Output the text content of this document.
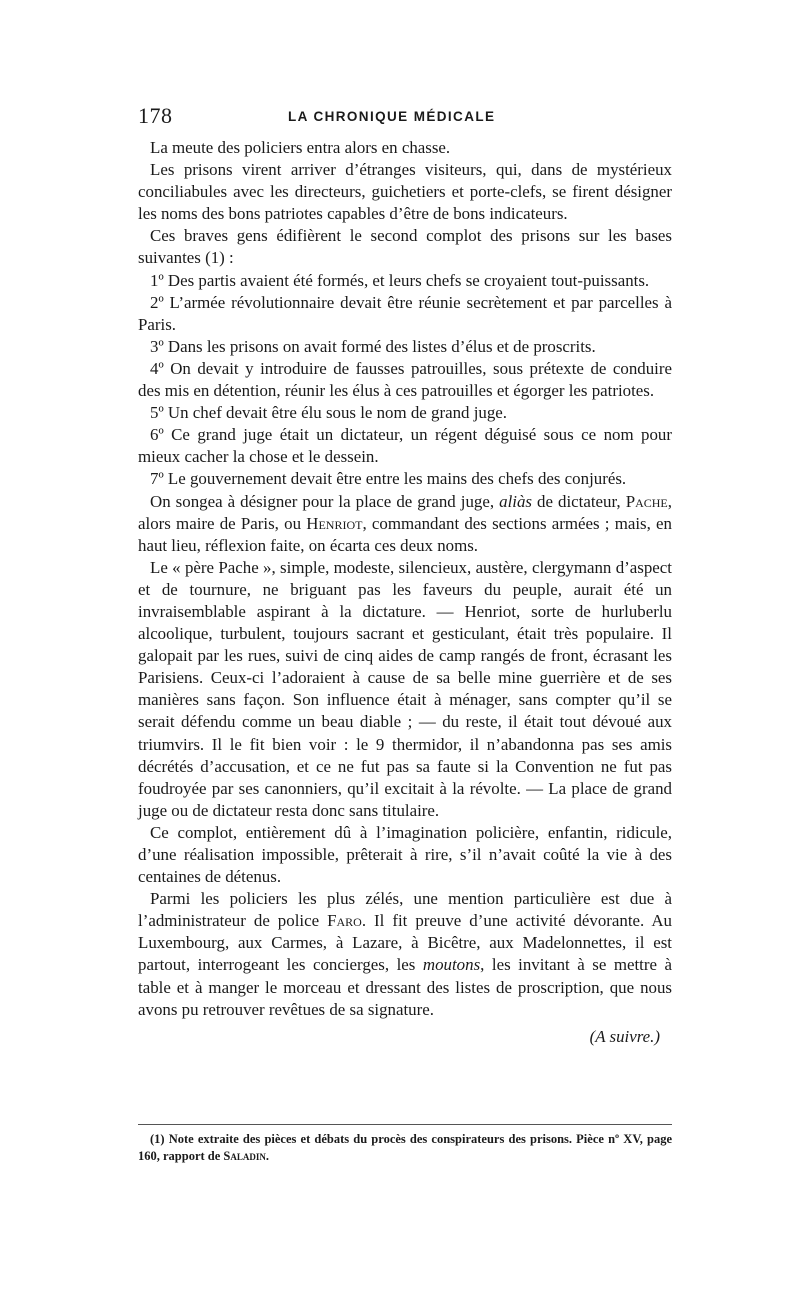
178	LA CHRONIQUE MÉDICALE

La meute des policiers entra alors en chasse.

Les prisons virent arriver d’étranges visiteurs, qui, dans de mystérieux conciliabules avec les directeurs, guichetiers et porte-clefs, se firent désigner les noms des bons patriotes capables d’être de bons indicateurs.

Ces braves gens édifièrent le second complot des prisons sur les bases suivantes (1) :

1º Des partis avaient été formés, et leurs chefs se croyaient tout-puissants.

2º L’armée révolutionnaire devait être réunie secrètement et par parcelles à Paris.

3º Dans les prisons on avait formé des listes d’élus et de proscrits.

4º On devait y introduire de fausses patrouilles, sous prétexte de conduire des mis en détention, réunir les élus à ces patrouilles et égorger les patriotes.

5º Un chef devait être élu sous le nom de grand juge.

6º Ce grand juge était un dictateur, un régent déguisé sous ce nom pour mieux cacher la chose et le dessein.

7º Le gouvernement devait être entre les mains des chefs des conjurés.

On songea à désigner pour la place de grand juge, aliàs de dictateur, Pache, alors maire de Paris, ou Henriot, commandant des sections armées ; mais, en haut lieu, réflexion faite, on écarta ces deux noms.

Le « père Pache », simple, modeste, silencieux, austère, clergymann d’aspect et de tournure, ne briguant pas les faveurs du peuple, aurait été un invraisemblable aspirant à la dictature. — Henriot, sorte de hurluberlu alcoolique, turbulent, toujours sacrant et gesticulant, était très populaire. Il galopait par les rues, suivi de cinq aides de camp rangés de front, écrasant les Parisiens. Ceux-ci l’adoraient à cause de sa belle mine guerrière et de ses manières sans façon. Son influence était à ménager, sans compter qu’il se serait défendu comme un beau diable ; — du reste, il était tout dévoué aux triumvirs. Il le fit bien voir : le 9 thermidor, il n’abandonna pas ses amis décrétés d’accusation, et ce ne fut pas sa faute si la Convention ne fut pas foudroyée par ses canonniers, qu’il excitait à la révolte. — La place de grand juge ou de dictateur resta donc sans titulaire.

Ce complot, entièrement dû à l’imagination policière, enfantin, ridicule, d’une réalisation impossible, prêterait à rire, s’il n’avait coûté la vie à des centaines de détenus.

Parmi les policiers les plus zélés, une mention particulière est due à l’administrateur de police Faro. Il fit preuve d’une activité dévorante. Au Luxembourg, aux Carmes, à Lazare, à Bicêtre, aux Madelonnettes, il est partout, interrogeant les concierges, les moutons, les invitant à se mettre à table et à manger le morceau et dressant des listes de proscription, que nous avons pu retrouver revêtues de sa signature.

(A suivre.)
(1) Note extraite des pièces et débats du procès des conspirateurs des prisons. Pièce nº XV, page 160, rapport de Saladin.
